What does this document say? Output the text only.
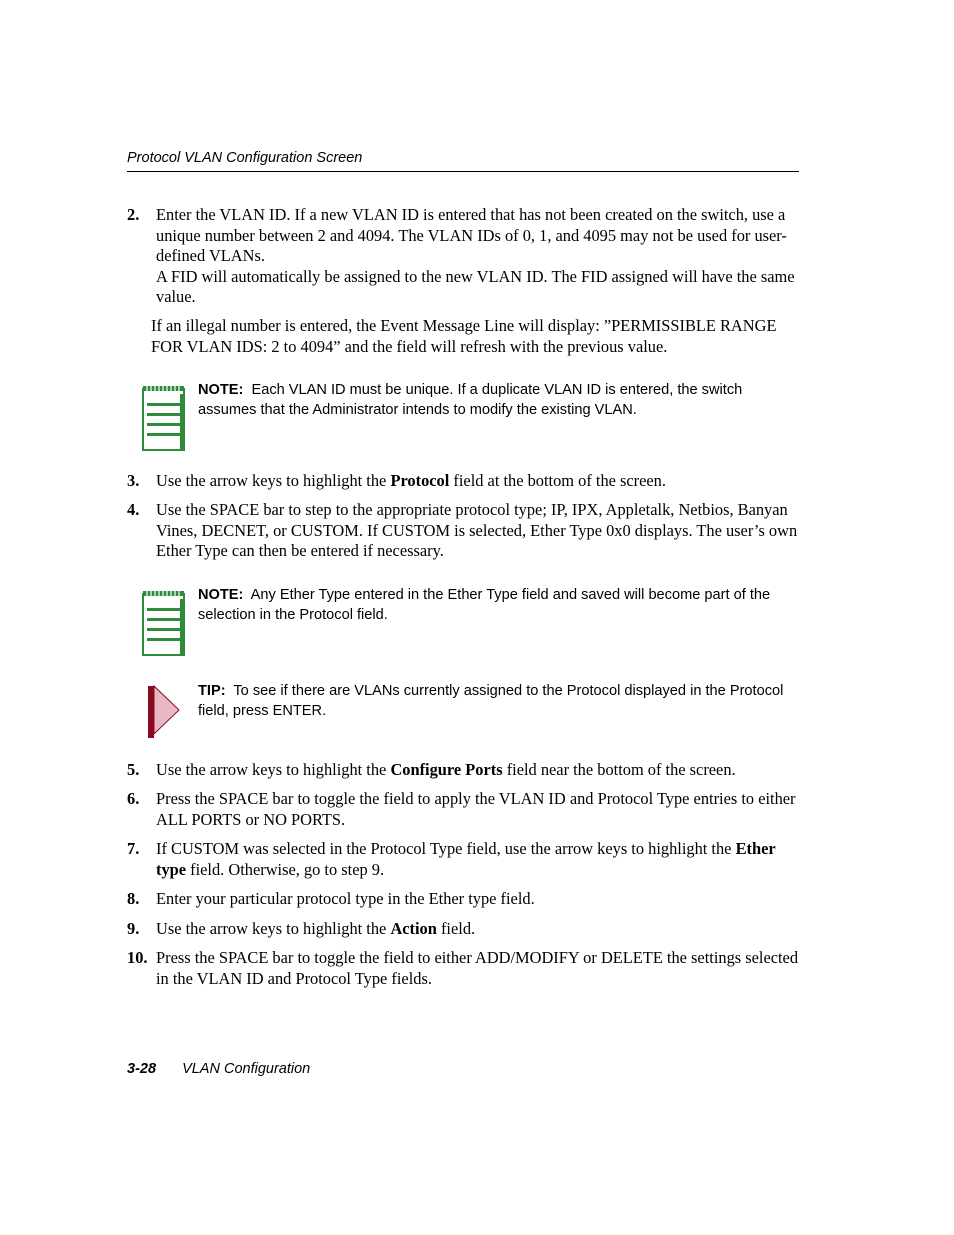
Protocol VLAN Configuration Screen
2.	Enter the VLAN ID. If a new VLAN ID is entered that has not been created on the switch, use a unique number between 2 and 4094. The VLAN IDs of 0, 1, and 4095 may not be used for user-defined VLANs.

A FID will automatically be assigned to the new VLAN ID. The FID assigned will have the same value.

If an illegal number is entered, the Event Message Line will display: ”PERMISSIBLE RANGE FOR VLAN IDS: 2 to 4094” and the field will refresh with the previous value.
NOTE: Each VLAN ID must be unique. If a duplicate VLAN ID is entered, the switch assumes that the Administrator intends to modify the existing VLAN.
3.	Use the arrow keys to highlight the Protocol field at the bottom of the screen.
4.	Use the SPACE bar to step to the appropriate protocol type; IP, IPX, Appletalk, Netbios, Banyan Vines, DECNET, or CUSTOM. If CUSTOM is selected, Ether Type 0x0 displays. The user’s own Ether Type can then be entered if necessary.
NOTE: Any Ether Type entered in the Ether Type field and saved will become part of the selection in the Protocol field.
TIP: To see if there are VLANs currently assigned to the Protocol displayed in the Protocol field, press ENTER.
5.	Use the arrow keys to highlight the Configure Ports field near the bottom of the screen.
6.	Press the SPACE bar to toggle the field to apply the VLAN ID and Protocol Type entries to either ALL PORTS or NO PORTS.
7.	If CUSTOM was selected in the Protocol Type field, use the arrow keys to highlight the Ether type field. Otherwise, go to step 9.
8.	Enter your particular protocol type in the Ether type field.
9.	Use the arrow keys to highlight the Action field.
10. Press the SPACE bar to toggle the field to either ADD/MODIFY or DELETE the settings selected in the VLAN ID and Protocol Type fields.
3-28 VLAN Configuration
